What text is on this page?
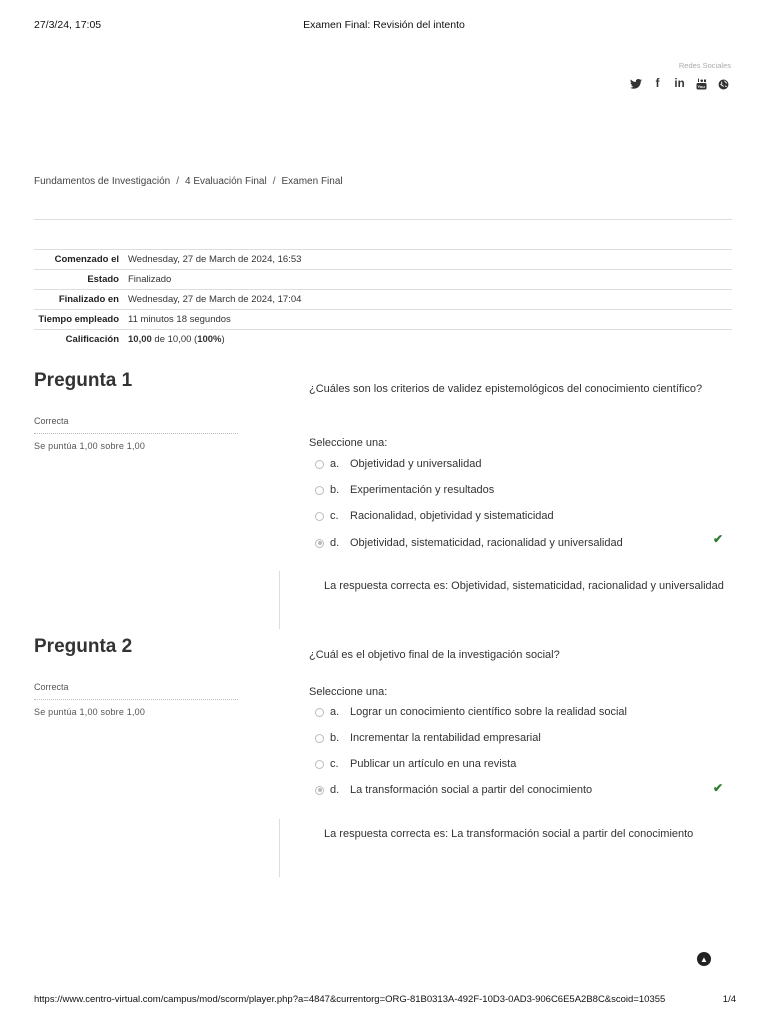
27/3/24, 17:05	Examen Final: Revisión del intento
Redes Sociales
f	in You
Fundamentos de Investigación / 4 Evaluación Final / Examen Final
Comenzado el	Wednesday, 27 de March de 2024, 16:53
Estado	Finalizado
Finalizado en	Wednesday, 27 de March de 2024, 17:04
Tiempo empleado	11 minutos 18 segundos
Calificación	10,00 de 10,00 (100%)
Pregunta 1
Correcta
Se puntúa 1,00 sobre 1,00
¿Cuáles son los criterios de validez epistemológicos del conocimiento científico?
Seleccione una:
a. Objetividad y universalidad
b. Experimentación y resultados
c.	Racionalidad, objetividad y sistematicidad
d. Objetividad, sistematicidad, racionalidad y universalidad	✔
La respuesta correcta es: Objetividad, sistematicidad, racionalidad y universalidad
Pregunta 2
Correcta
Se puntúa 1,00 sobre 1,00
¿Cuál es el objetivo final de la investigación social?
Seleccione una:
a. Lograr un conocimiento científico sobre la realidad social
b. Incrementar la rentabilidad empresarial
c.	Publicar un artículo en una revista
d. La transformación social a partir del conocimiento	✔
La respuesta correcta es: La transformación social a partir del conocimiento
▲
https://www.centro-virtual.com/campus/mod/scorm/player.php?a=4847&currentorg=ORG-81B0313A-492F-10D3-0AD3-906C6E5A2B8C&scoid=10355	1/4
